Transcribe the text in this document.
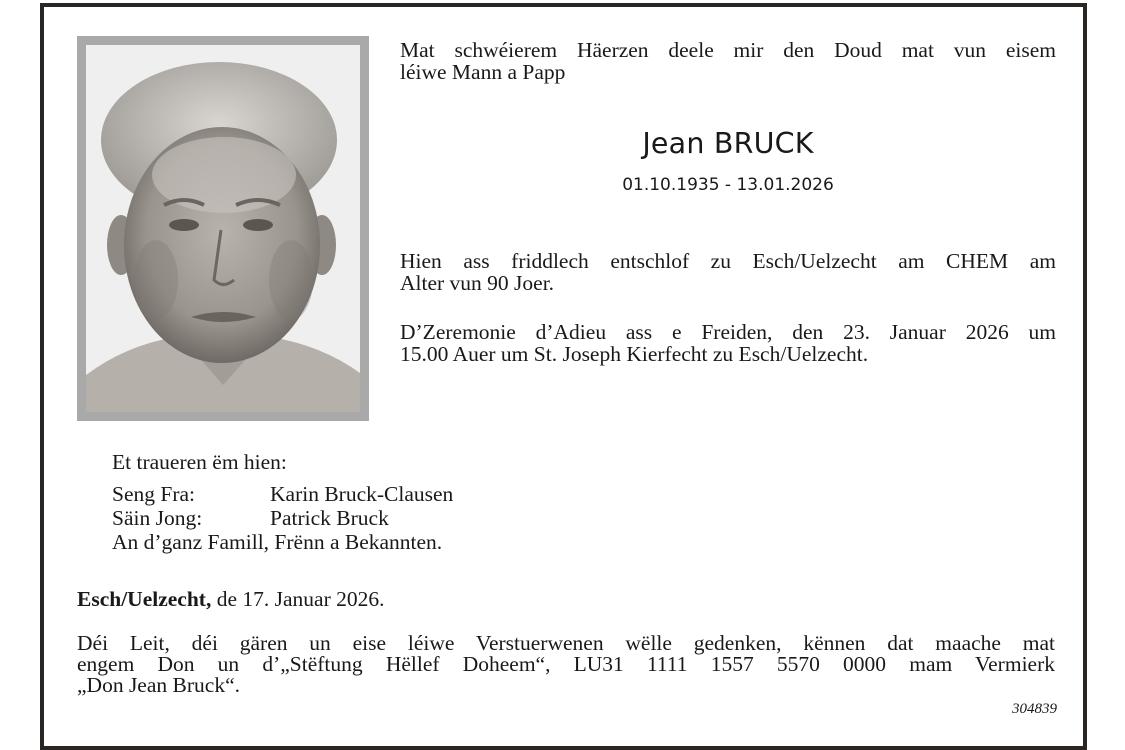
Mat schwéierem Häerzen deele mir den Doud mat vun eisem
léiwe Mann a Papp
Jean BRUCK
01.10.1935 - 13.01.2026
Hien ass friddlech entschlof zu Esch/Uelzecht am CHEM am
Alter vun 90 Joer.
D’Zeremonie d’Adieu ass e Freiden, den 23. Januar 2026 um
15.00 Auer um St. Joseph Kierfecht zu Esch/Uelzecht.
Et traueren ëm hien:
Seng Fra:	Karin Bruck-Clausen
Säin Jong:	Patrick Bruck
An d’ganz Famill, Frënn a Bekannten.
Esch/Uelzecht, de 17. Januar 2026.
Déi Leit, déi gären un eise léiwe Verstuerwenen wëlle gedenken, kënnen dat maache mat
engem Don un d’„Stëftung Hëllef Doheem“, LU31 1111 1557 5570 0000 mam Vermierk
„Don Jean Bruck“.
304839
